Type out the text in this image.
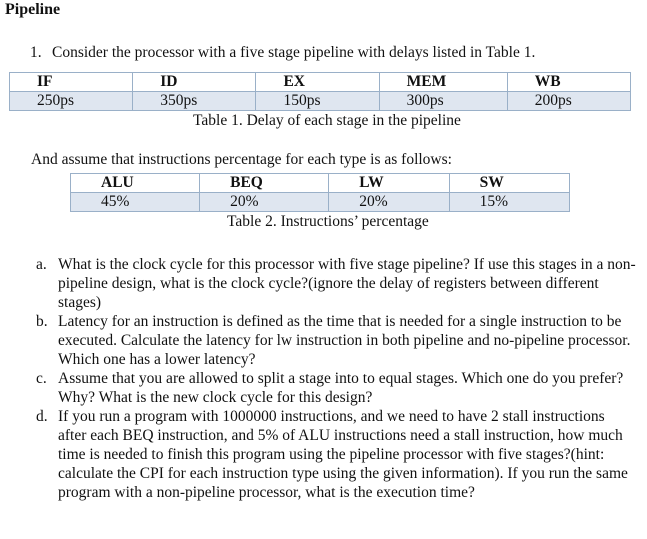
Pipeline
1. Consider the processor with a five stage pipeline with delays listed in Table 1.
IF	ID	EX	MEM	WB
250ps	350ps	150ps	300ps	200ps
Table 1. Delay of each stage in the pipeline
And assume that instructions percentage for each type is as follows:
ALU	BEQ	LW	SW
45%	20%	20%	15%
Table 2. Instructions’ percentage
a. What is the clock cycle for this processor with five stage pipeline? If use this stages in a non-pipeline design, what is the clock cycle?(ignore the delay of registers between different stages)
b. Latency for an instruction is defined as the time that is needed for a single instruction to be executed. Calculate the latency for lw instruction in both pipeline and no-pipeline processor. Which one has a lower latency?
c. Assume that you are allowed to split a stage into to equal stages. Which one do you prefer? Why? What is the new clock cycle for this design?
d. If you run a program with 1000000 instructions, and we need to have 2 stall instructions after each BEQ instruction, and 5% of ALU instructions need a stall instruction, how much time is needed to finish this program using the pipeline processor with five stages?(hint: calculate the CPI for each instruction type using the given information). If you run the same program with a non-pipeline processor, what is the execution time?
